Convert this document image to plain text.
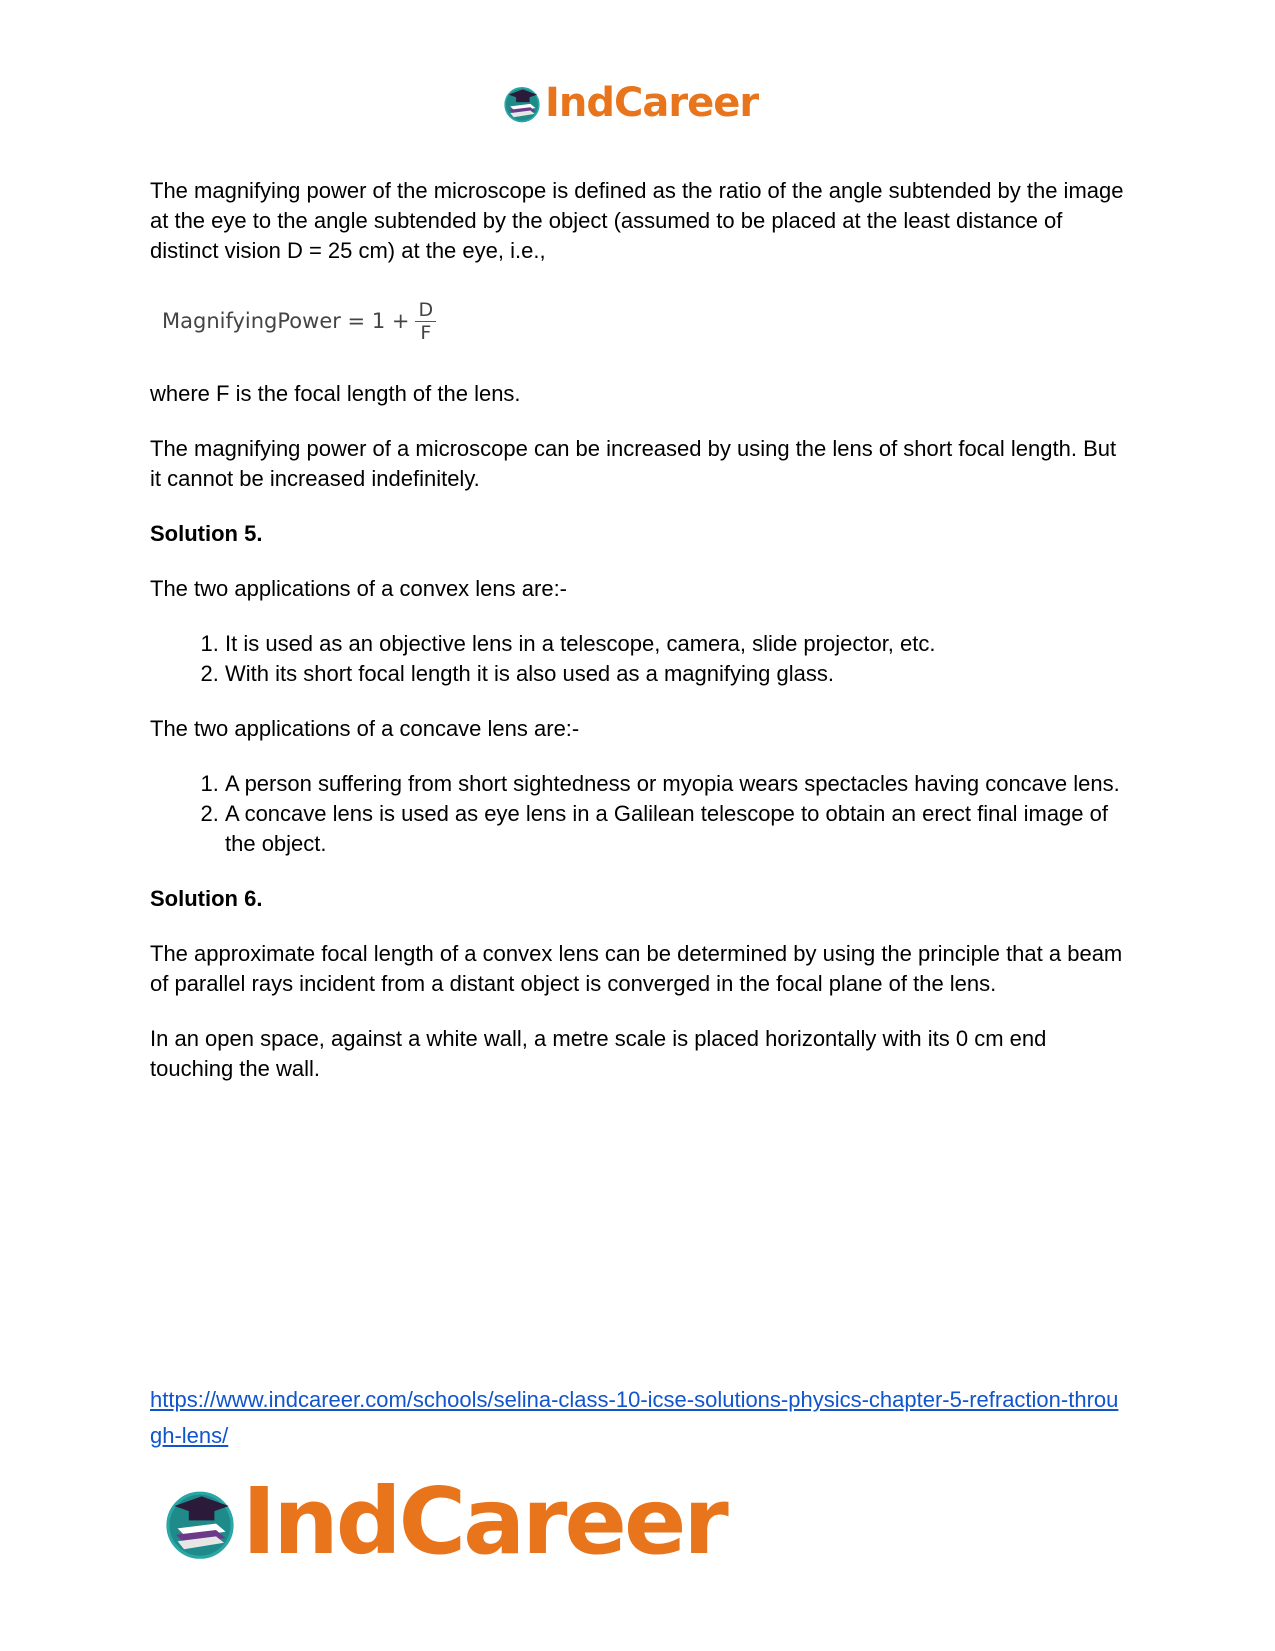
IndCareer

The magnifying power of the microscope is defined as the ratio of the angle subtended by the image at the eye to the angle subtended by the object (assumed to be placed at the least distance of distinct vision D = 25 cm) at the eye, i.e.,

MagnifyingPower = $1 + \frac{D}{F}$

where F is the focal length of the lens.

The magnifying power of a microscope can be increased by using the lens of short focal length. But it cannot be increased indefinitely.

Solution 5.

The two applications of a convex lens are:-

1. It is used as an objective lens in a telescope, camera, slide projector, etc.
2. With its short focal length it is also used as a magnifying glass.

The two applications of a concave lens are:-

1. A person suffering from short sightedness or myopia wears spectacles having concave lens.
2. A concave lens is used as eye lens in a Galilean telescope to obtain an erect final image of the object.
Solution 6.

The approximate focal length of a convex lens can be determined by using the principle that a beam of parallel rays incident from a distant object is converged in the focal plane of the lens.

In an open space, against a white wall, a metre scale is placed horizontally with its 0 cm end touching the wall.

https://www.indcareer.com/schools/selina-class-10-icse-solutions-physics-chapter-5-refraction-through-lens/
IndCareer
